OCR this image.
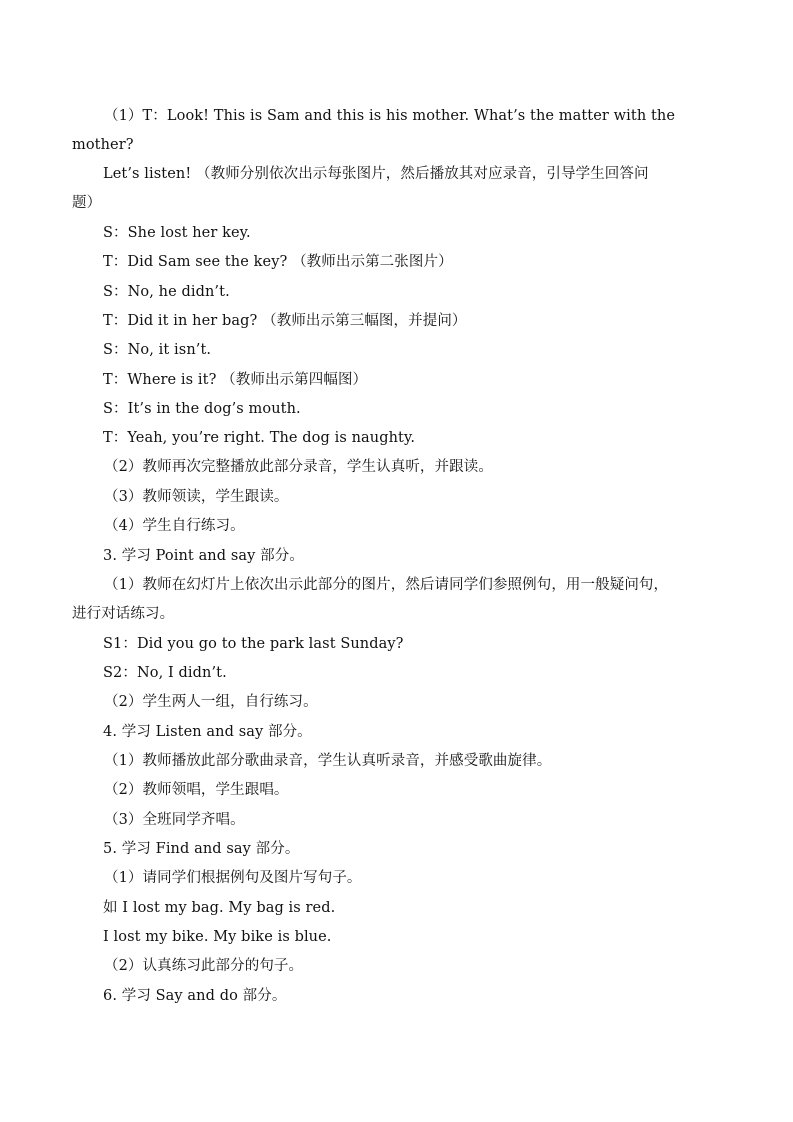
（1）T：Look! This is Sam and this is his mother. What’s the matter with the
mother?
Let’s listen! （教师分别依次出示每张图片，然后播放其对应录音，引导学生回答问
题）
S：She lost her key.
T：Did Sam see the key? （教师出示第二张图片）
S：No, he didn’t.
T：Did it in her bag? （教师出示第三幅图，并提问）
S：No, it isn’t.
T：Where is it? （教师出示第四幅图）
S：It’s in the dog’s mouth.
T：Yeah, you’re right. The dog is naughty.
（2）教师再次完整播放此部分录音，学生认真听，并跟读。
（3）教师领读，学生跟读。
（4）学生自行练习。
3. 学习 Point and say 部分。
（1）教师在幻灯片上依次出示此部分的图片，然后请同学们参照例句，用一般疑问句，
进行对话练习。
S1：Did you go to the park last Sunday?
S2：No, I didn’t.
（2）学生两人一组，自行练习。
4. 学习 Listen and say 部分。
（1）教师播放此部分歌曲录音，学生认真听录音，并感受歌曲旋律。
（2）教师领唱，学生跟唱。
（3）全班同学齐唱。
5. 学习 Find and say 部分。
（1）请同学们根据例句及图片写句子。
如 I lost my bag. My bag is red.
I lost my bike. My bike is blue.
（2）认真练习此部分的句子。
6. 学习 Say and do 部分。
